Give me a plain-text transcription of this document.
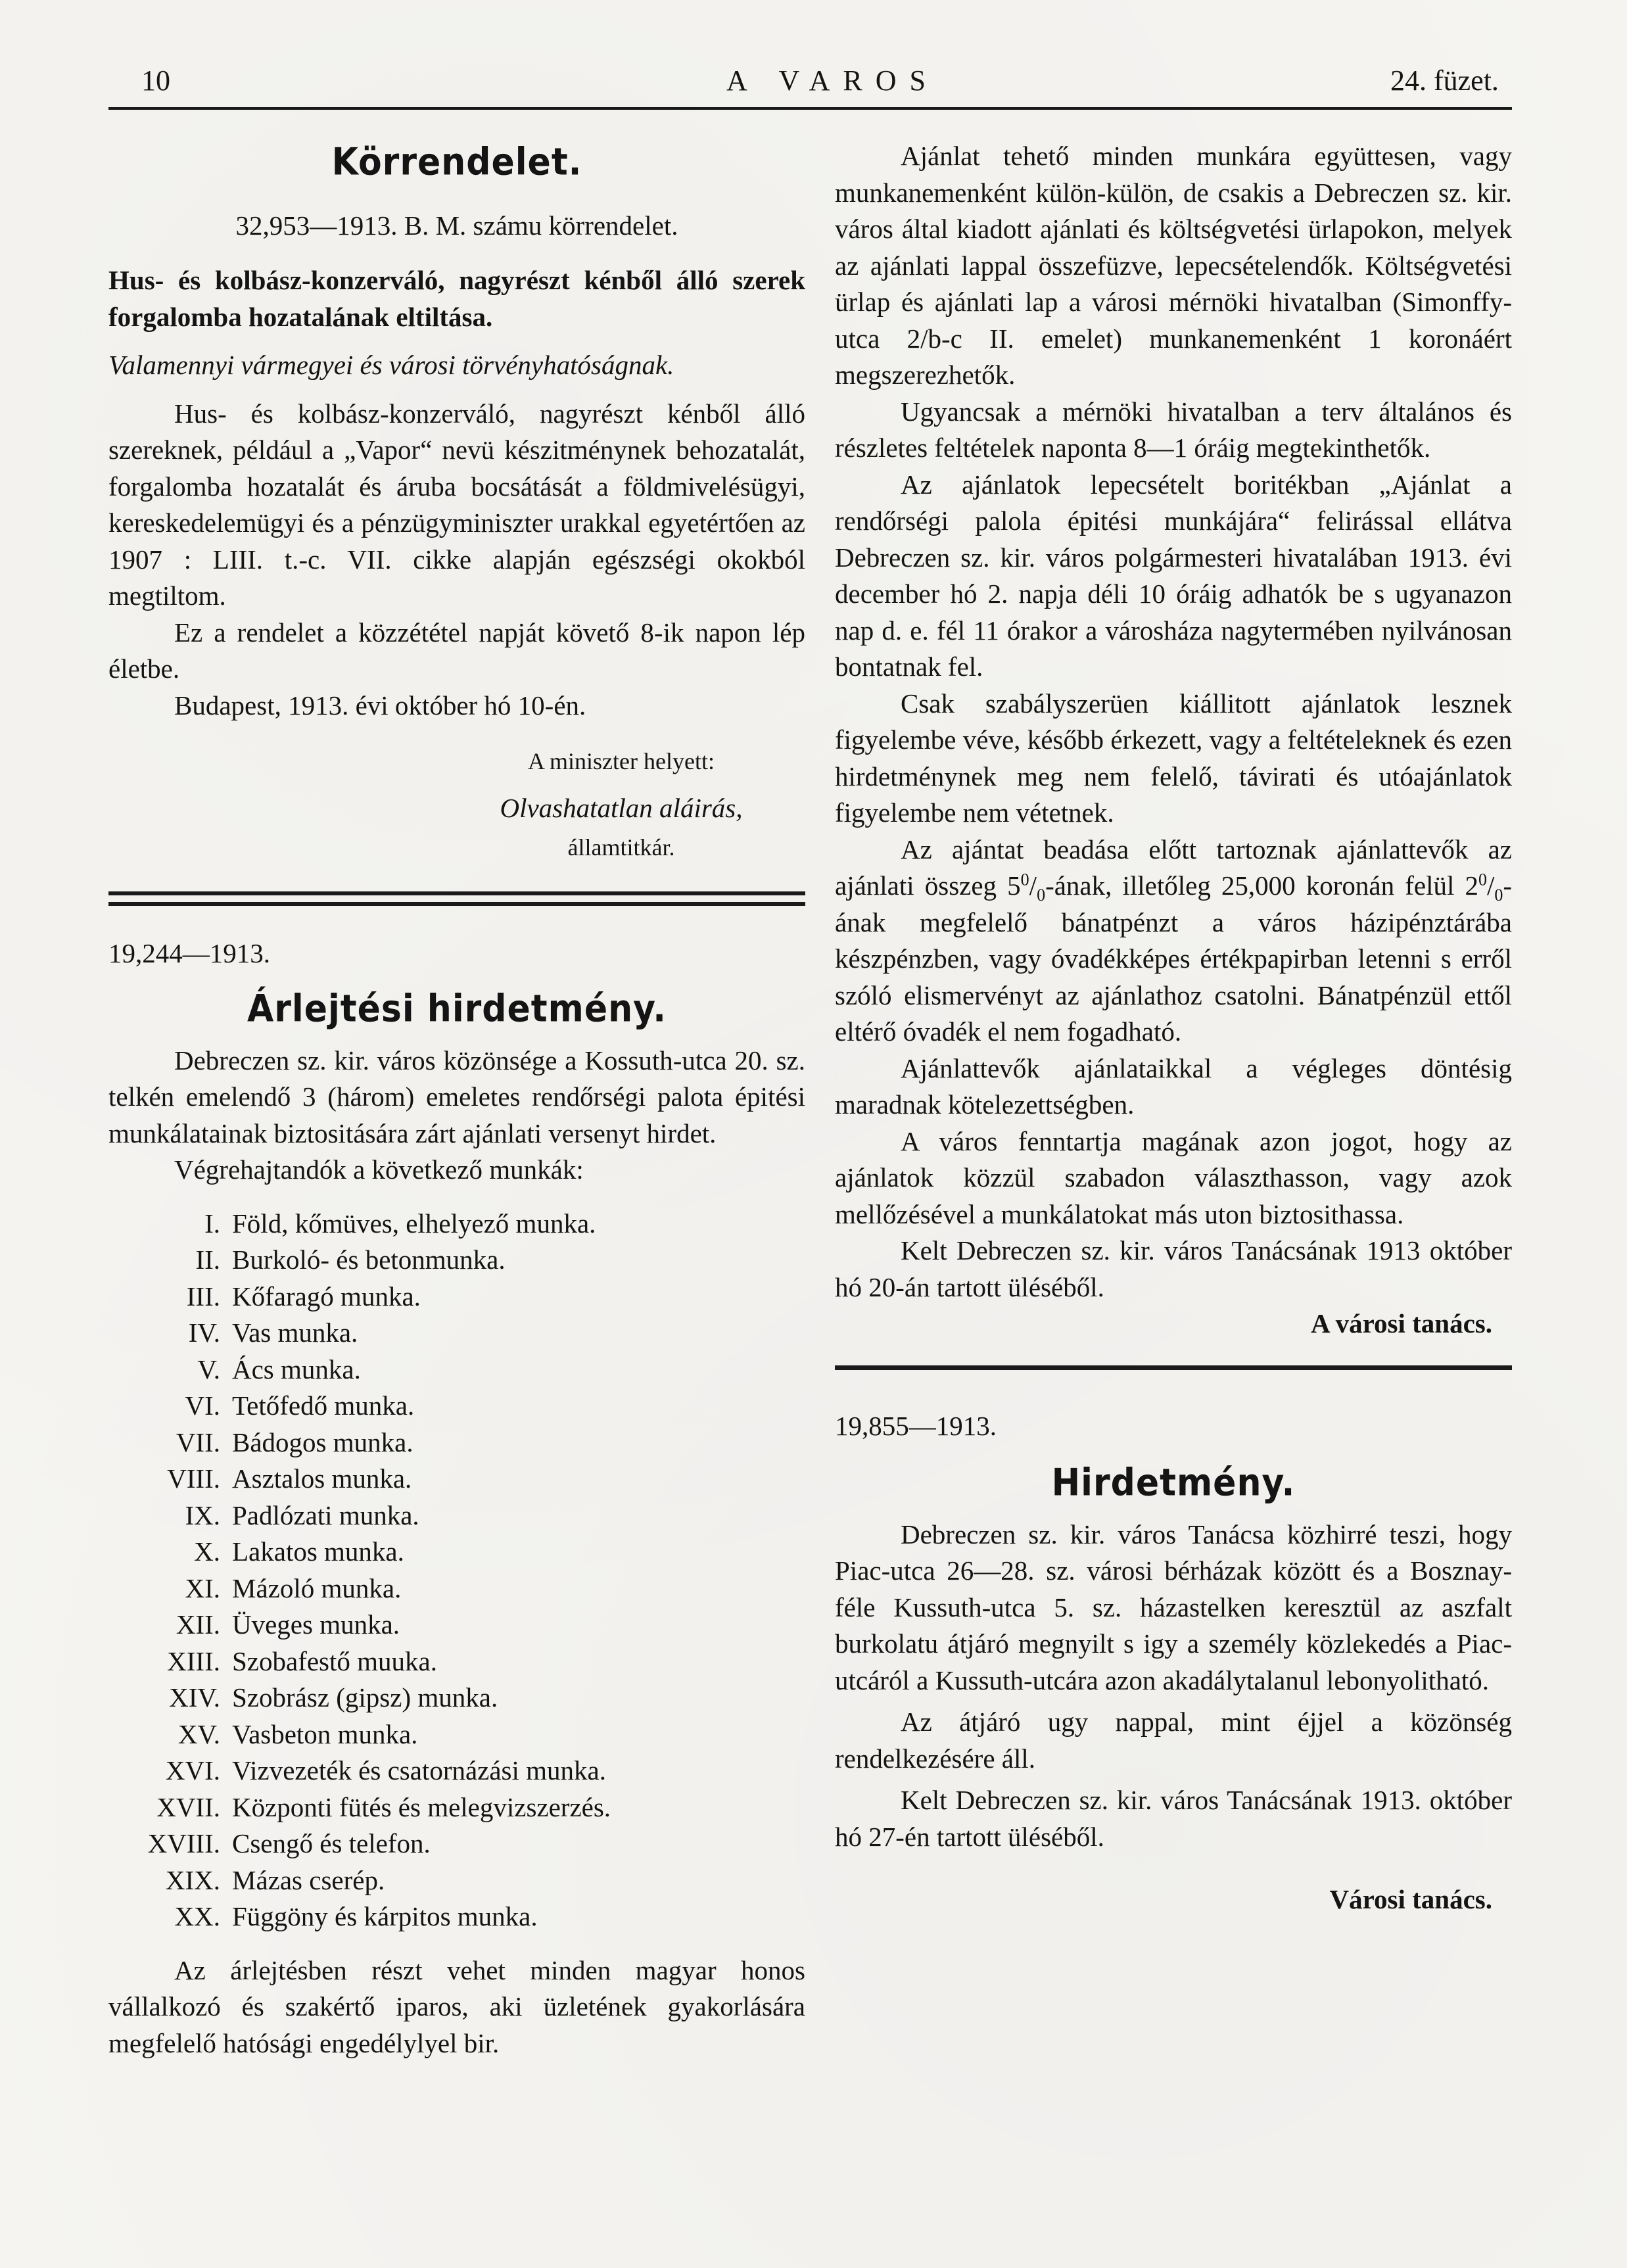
10	A VAROS	24. füzet.

Körrendelet.

32,953—1913. B. M. számu körrendelet.

Hus- és kolbász-konzerváló, nagyrészt kénből álló szerek forgalomba hozatalának eltiltása.

Valamennyi vármegyei és városi törvényhatóságnak.

Hus- és kolbász-konzerváló, nagyrészt kénből álló szereknek, például a „Vapor“ nevü készitménynek behozatalát, forgalomba hozatalát és áruba bocsátását a földmivelésügyi, kereskedelemügyi és a pénzügyminiszter urakkal egyetértően az 1907 : LIII. t.-c. VII. cikke alapján egészségi okokból megtiltom.

Ez a rendelet a közzététel napját követő 8-ik napon lép életbe.

Budapest, 1913. évi október hó 10-én.

A miniszter helyett:

Olvashatatlan aláirás,

államtitkár.

19,244—1913.

Árlejtési hirdetmény.

Debreczen sz. kir. város közönsége a Kossuth-utca 20. sz. telkén emelendő 3 (három) emeletes rendőrségi palota épitési munkálatainak biztositására zárt ajánlati versenyt hirdet.

Végrehajtandók a következő munkák:

I. Föld, kőmüves, elhelyező munka.
II. Burkoló- és betonmunka.
III. Kőfaragó munka.
IV. Vas munka.
V. Ács munka.
VI. Tetőfedő munka.
VII. Bádogos munka.
VIII. Asztalos munka.
IX. Padlózati munka.
X. Lakatos munka.
XI. Mázoló munka.
XII. Üveges munka.
XIII. Szobafestő muuka.
XIV. Szobrász (gipsz) munka.
XV. Vasbeton munka.
XVI. Vizvezeték és csatornázási munka.
XVII. Központi fütés és melegvizszerzés.
XVIII. Csengő és telefon.
XIX. Mázas cserép.
XX. Függöny és kárpitos munka.

Az árlejtésben részt vehet minden magyar honos vállalkozó és szakértő iparos, aki üzletének gyakorlására megfelelő hatósági engedélylyel bir.

Ajánlat tehető minden munkára együttesen, vagy munkanemenként külön-külön, de csakis a Debreczen sz. kir. város által kiadott ajánlati és költségvetési ürlapokon, melyek az ajánlati lappal összefüzve, lepecsételendők. Költségvetési ürlap és ajánlati lap a városi mérnöki hivatalban (Simonffy-utca 2/b-c II. emelet) munkanemenként 1 koronáért megszerezhetők.

Ugyancsak a mérnöki hivatalban a terv általános és részletes feltételek naponta 8—1 óráig megtekinthetők.

Az ajánlatok lepecsételt boritékban „Ajánlat a rendőrségi palola épitési munkájára“ felirással ellátva Debreczen sz. kir. város polgármesteri hivatalában 1913. évi december hó 2. napja déli 10 óráig adhatók be s ugyanazon nap d. e. fél 11 órakor a városháza nagytermében nyilvánosan bontatnak fel.

Csak szabályszerüen kiállitott ajánlatok lesznek figyelembe véve, később érkezett, vagy a feltételeknek és ezen hirdetménynek meg nem felelő, távirati és utóajánlatok figyelembe nem vétetnek.

Az ajántat beadása előtt tartoznak ajánlattevők az ajánlati összeg $5^0/_0$-ának, illetőleg 25,000 koronán felül $2^0/_0$-ának megfelelő bánatpénzt a város házipénztárába készpénzben, vagy óvadékképes értékpapirban letenni s erről szóló elismervényt az ajánlathoz csatolni. Bánatpénzül ettől eltérő óvadék el nem fogadható.

Ajánlattevők ajánlataikkal a végleges döntésig maradnak kötelezettségben.

A város fenntartja magának azon jogot, hogy az ajánlatok közzül szabadon választhasson, vagy azok mellőzésével a munkálatokat más uton biztosithassa.

Kelt Debreczen sz. kir. város Tanácsának 1913 október hó 20-án tartott üléséből.

A városi tanács.

19,855—1913.

Hirdetmény.

Debreczen sz. kir. város Tanácsa közhirré teszi, hogy Piac-utca 26—28. sz. városi bérházak között és a Bosznay-féle Kussuth-utca 5. sz. házastelken keresztül az aszfalt burkolatu átjáró megnyilt s igy a személy közlekedés a Piac-utcáról a Kussuth-utcára azon akadálytalanul lebonyolitható.

Az átjáró ugy nappal, mint éjjel a közönség rendelkezésére áll.

Kelt Debreczen sz. kir. város Tanácsának 1913. október hó 27-én tartott üléséből.

Városi tanács.
